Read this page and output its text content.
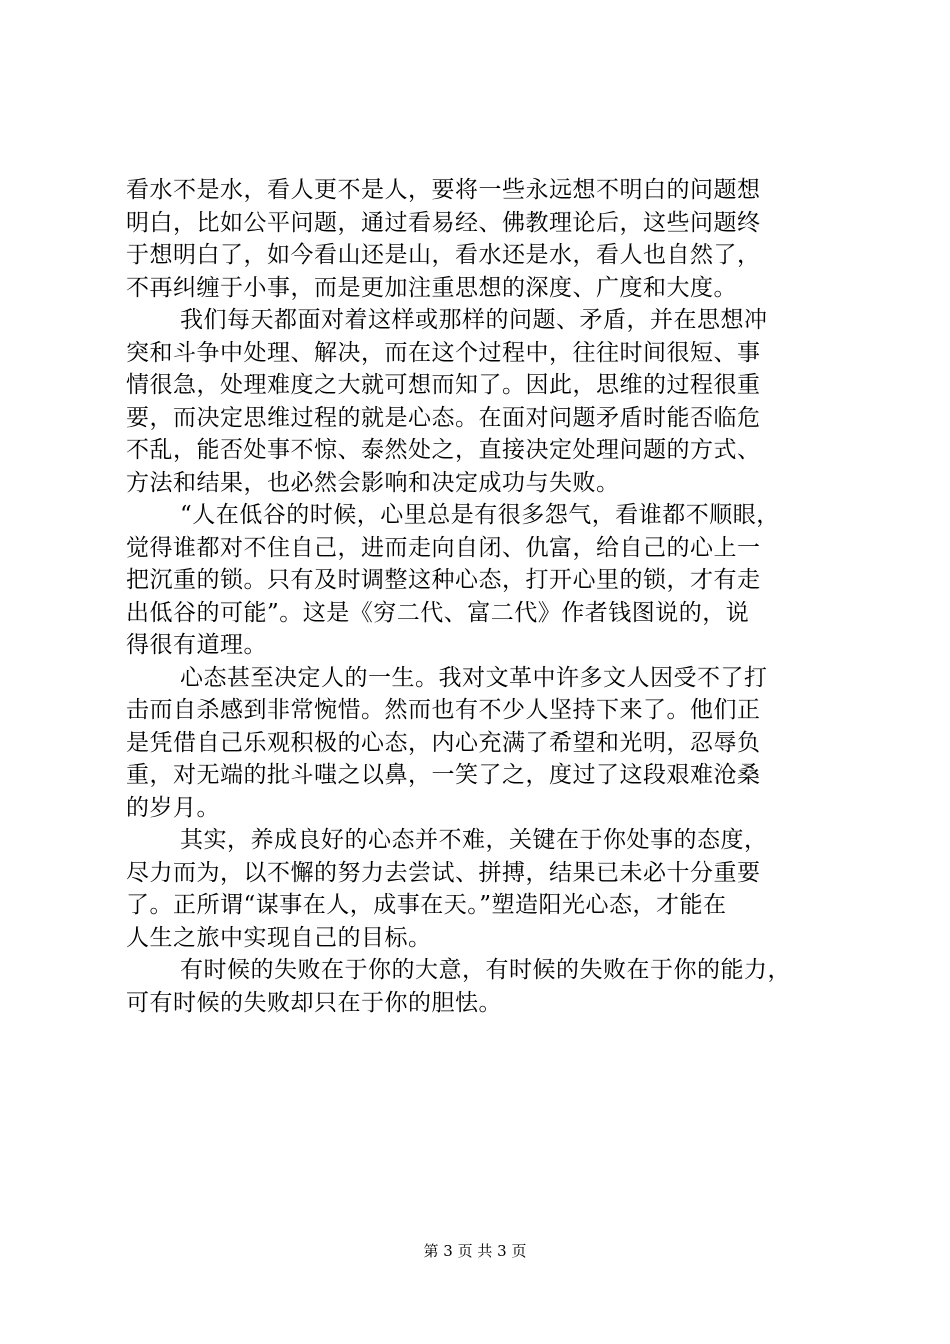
看水不是水，看人更不是人，要将一些永远想不明白的问题想
明白，比如公平问题，通过看易经、佛教理论后，这些问题终
于想明白了，如今看山还是山，看水还是水，看人也自然了，
不再纠缠于小事，而是更加注重思想的深度、广度和大度。
我们每天都面对着这样或那样的问题、矛盾，并在思想冲
突和斗争中处理、解决，而在这个过程中，往往时间很短、事
情很急，处理难度之大就可想而知了。因此，思维的过程很重
要，而决定思维过程的就是心态。在面对问题矛盾时能否临危
不乱，能否处事不惊、泰然处之，直接决定处理问题的方式、
方法和结果，也必然会影响和决定成功与失败。
“人在低谷的时候，心里总是有很多怨气，看谁都不顺眼，
觉得谁都对不住自己，进而走向自闭、仇富，给自己的心上一
把沉重的锁。只有及时调整这种心态，打开心里的锁，才有走
出低谷的可能”。这是《穷二代、富二代》作者钱图说的，说
得很有道理。
心态甚至决定人的一生。我对文革中许多文人因受不了打
击而自杀感到非常惋惜。然而也有不少人坚持下来了。他们正
是凭借自己乐观积极的心态，内心充满了希望和光明，忍辱负
重，对无端的批斗嗤之以鼻，一笑了之，度过了这段艰难沧桑
的岁月。
其实，养成良好的心态并不难，关键在于你处事的态度，
尽力而为，以不懈的努力去尝试、拼搏，结果已未必十分重要
了。正所谓“谋事在人，成事在天。”塑造阳光心态，才能在
人生之旅中实现自己的目标。
有时候的失败在于你的大意，有时候的失败在于你的能力，
可有时候的失败却只在于你的胆怯。
第 3 页 共 3 页
